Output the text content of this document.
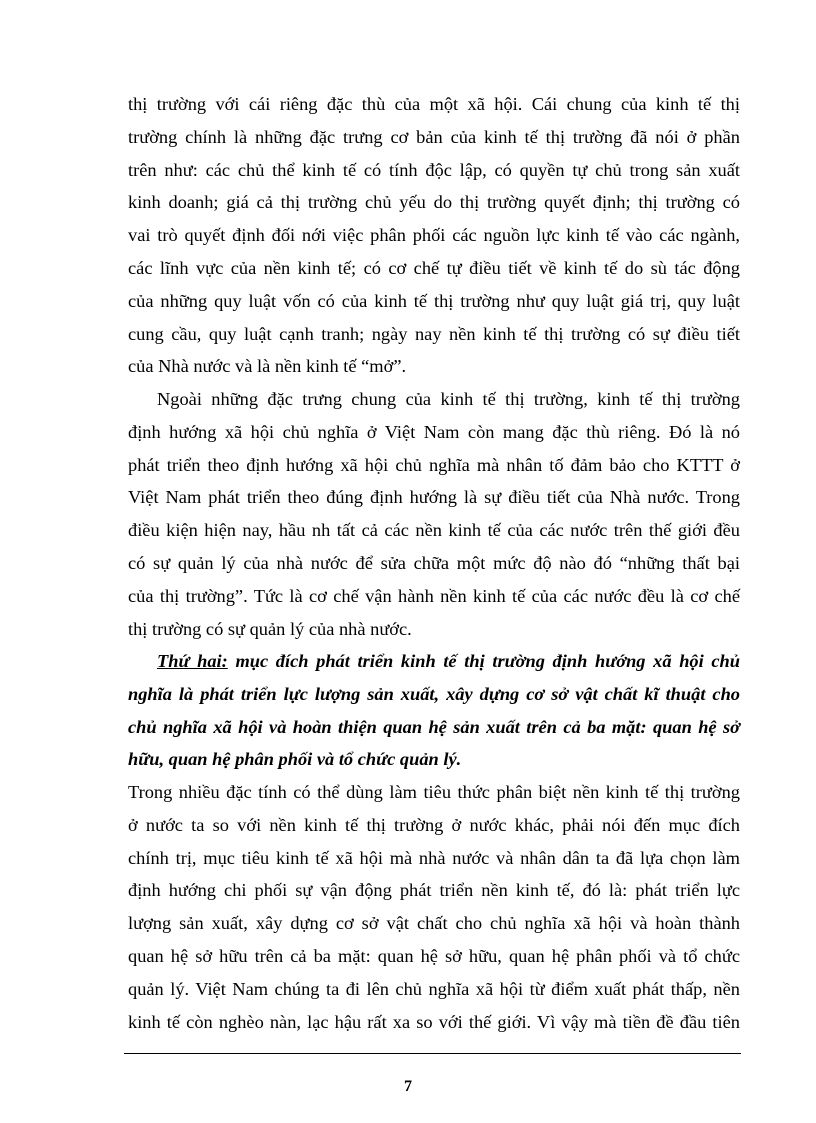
thị trường với cái riêng đặc thù của một xã hội. Cái chung của kinh tế thị
trường chính là những đặc trưng cơ bản của kinh tế thị trường đã nói ở phần
trên như: các chủ thể kinh tế có tính độc lập, có quyền tự chủ trong sản xuất
kinh doanh; giá cả thị trường chủ yếu do thị trường quyết định; thị trường có
vai trò quyết định đối nới việc phân phối các nguồn lực kinh tế vào các ngành,
các lĩnh vực của nền kinh tế; có cơ chế tự điều tiết về kinh tế do sù tác động
của những quy luật vốn có của kinh tế thị trường như quy luật giá trị, quy luật
cung cầu, quy luật cạnh tranh; ngày nay nền kinh tế thị trường có sự điều tiết
của Nhà nước và là nền kinh tế “mở”.
Ngoài những đặc trưng chung của kinh tế thị trường, kinh tế thị trường
định hướng xã hội chủ nghĩa ở Việt Nam còn mang đặc thù riêng. Đó là nó
phát triển theo định hướng xã hội chủ nghĩa mà nhân tố đảm bảo cho KTTT ở
Việt Nam phát triển theo đúng định hướng là sự điều tiết của Nhà nước. Trong
điều kiện hiện nay, hầu nh tất cả các nền kinh tế của các nước trên thế giới đều
có sự quản lý của nhà nước để sửa chữa một mức độ nào đó “những thất bại
của thị trường”. Tức là cơ chế vận hành nền kinh tế của các nước đều là cơ chế
thị trường có sự quản lý của nhà nước.
Thứ hai: mục đích phát triển kinh tế thị trường định hướng xã hội chủ
nghĩa là phát triển lực lượng sản xuất, xây dựng cơ sở vật chất kĩ thuật cho
chủ nghĩa xã hội và hoàn thiện quan hệ sản xuất trên cả ba mặt: quan hệ sở
hữu, quan hệ phân phối và tổ chức quản lý.
Trong nhiều đặc tính có thể dùng làm tiêu thức phân biệt nền kinh tế thị trường
ở nước ta so với nền kinh tế thị trường ở nước khác, phải nói đến mục đích
chính trị, mục tiêu kinh tế xã hội mà nhà nước và nhân dân ta đã lựa chọn làm
định hướng chi phối sự vận động phát triển nền kinh tế, đó là: phát triển lực
lượng sản xuất, xây dựng cơ sở vật chất cho chủ nghĩa xã hội và hoàn thành
quan hệ sở hữu trên cả ba mặt: quan hệ sở hữu, quan hệ phân phối và tổ chức
quản lý. Việt Nam chúng ta đi lên chủ nghĩa xã hội từ điểm xuất phát thấp, nền
kinh tế còn nghèo nàn, lạc hậu rất xa so với thế giới. Vì vậy mà tiền đề đầu tiên
7
